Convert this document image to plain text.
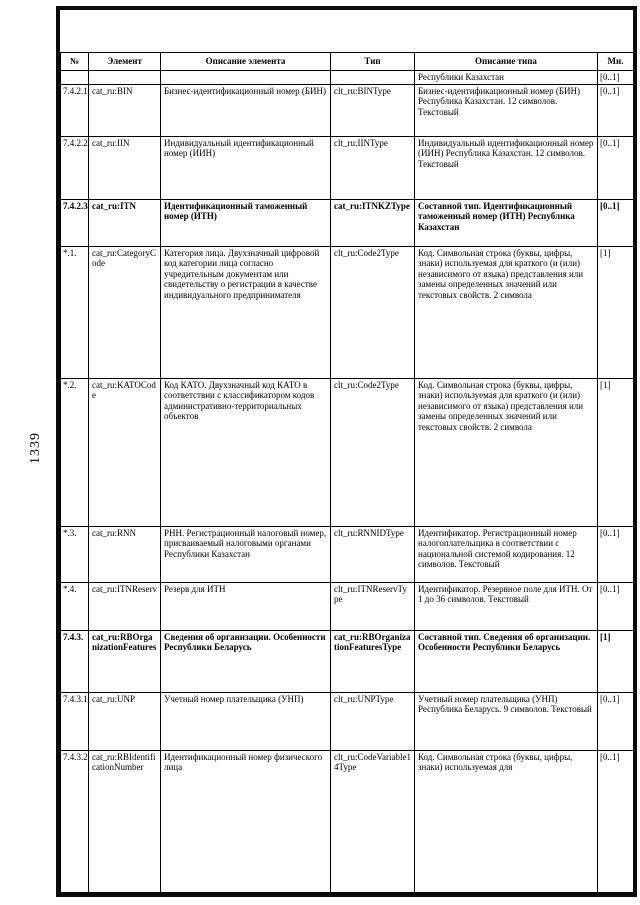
1339
№	Элемент	Описание элемента	Тип	Описание типа	Мн.
				Республики Казахстан	[0..1]
7.4.2.1	cat_ru:BIN	Бизнес-идентификационный номер (БИН)	clt_ru:BINType	Бизнес-идентификационный номер (БИН) Республика Казахстан. 12 символов. Текстовый	[0..1]
7.4.2.2	cat_ru:IIN	Индивидуальный идентификационный номер (ИИН)	clt_ru:IINType	Индивидуальный идентификационный номер (ИИН) Республика Казахстан. 12 символов. Текстовый	[0..1]
7.4.2.3	cat_ru:ITN	Идентификационный таможенный номер (ИТН)	cat_ru:ITNKZType	Составной тип. Идентификационный таможенный номер (ИТН) Республика Казахстан	[0..1]
*.1.	cat_ru:CategoryCode	Категория лица. Двухзначный цифровой код категории лица согласно учредительным документам или свидетельству о регистрации в качестве индивидуального предпринимателя	clt_ru:Code2Type	Код. Символьная строка (буквы, цифры, знаки) используемая для краткого (и (или) независимого от языка) представления или замены определенных значений или текстовых свойств. 2 символа	[1]
*.2.	cat_ru:KATOCode	Код КАТО. Двухзначный код КАТО в соответствии с классификатором кодов административно-территориальных объектов	clt_ru:Code2Type	Код. Символьная строка (буквы, цифры, знаки) используемая для краткого (и (или) независимого от языка) представления или замены определенных значений или текстовых свойств. 2 символа	[1]
*.3.	cat_ru:RNN	РНН. Регистрационный налоговый номер, присваиваемый налоговыми органами Республики Казахстан	clt_ru:RNNIDType	Идентификатор. Регистрационный номер налогоплательщика в соответствии с национальной системой кодирования. 12 символов. Текстовый	[0..1]
*.4.	cat_ru:ITNReserv	Резерв для ИТН	clt_ru:ITNReservType	Идентификатор. Резервное поле для ИТН. От 1 до 36 символов. Текстовый	[0..1]
7.4.3.	cat_ru:RBOrganizationFeatures	Сведения об организации. Особенности Республики Беларусь	cat_ru:RBOrganizationFeaturesType	Составной тип. Сведения об организации. Особенности Республики Беларусь	[1]
7.4.3.1	cat_ru:UNP	Учетный номер плательщика (УНП)	clt_ru:UNPType	Учетный номер плательщика (УНП) Республика Беларусь. 9 символов. Текстовый	[0..1]
7.4.3.2	cat_ru:RBIdentificationNumber	Идентификационный номер физического лица	clt_ru:CodeVariable14Type	Код. Символьная строка (буквы, цифры, знаки) используемая для	[0..1]
